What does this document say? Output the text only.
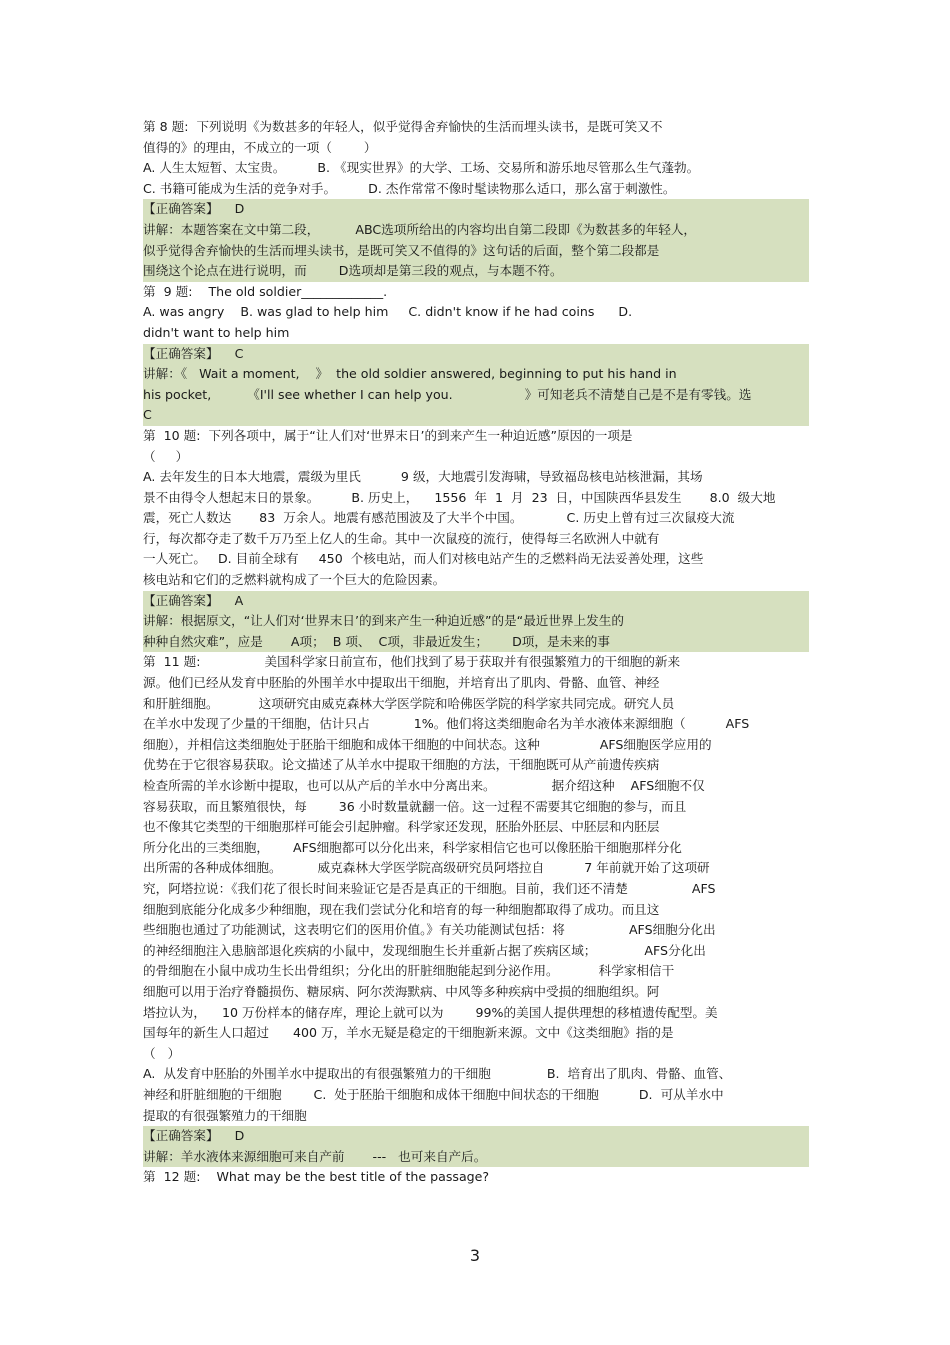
第 8 题:  下列说明《为数甚多的年轻人，似乎觉得舍弃愉快的生活而埋头读书，是既可笑又不

值得的》的理由，不成立的一项（        ）

A. 人生太短暂、太宝贵。        B. 《现实世界》的大学、工场、交易所和游乐地尽管那么生气蓬勃。

C. 书籍可能成为生活的竞争对手。        D. 杰作常常不像时髦读物那么适口，那么富于刺激性。

【正确答案】    D

讲解：本题答案在文中第二段，         ABC选项所给出的内容均出自第二段即《为数甚多的年轻人，

似乎觉得舍弃愉快的生活而埋头读书，是既可笑又不值得的》这句话的后面，整个第二段都是

围绕这个论点在进行说明，而        D选项却是第三段的观点，与本题不符。

第  9 题:    The old soldier_____________.

A. was angry    B. was glad to help him     C. didn't know if he had coins      D.

didn't want to help him

【正确答案】    C

讲解：《   Wait a moment,    》  the old soldier answered, beginning to put his hand in

his pocket,         《I'll see whether I can help you.                  》可知老兵不清楚自己是不是有零钱。选

C

第  10 题:  下列各项中，属于“让人们对‘世界末日’的到来产生一种迫近感”原因的一项是

（     ）

A. 去年发生的日本大地震，震级为里氏          9 级，大地震引发海啸，导致福岛核电站核泄漏，其场

景不由得令人想起末日的景象。        B. 历史上，    1556  年  1  月  23  日，中国陕西华县发生       8.0  级大地

震，死亡人数达       83  万余人。地震有感范围波及了大半个中国。           C. 历史上曾有过三次鼠疫大流

行，每次都夺走了数千万乃至上亿人的生命。其中一次鼠疫的流行，使得每三名欧洲人中就有

一人死亡。   D. 目前全球有     450  个核电站，而人们对核电站产生的乏燃料尚无法妥善处理，这些

核电站和它们的乏燃料就构成了一个巨大的危险因素。

【正确答案】    A

讲解：根据原文，“让人们对‘世界末日’的到来产生一种迫近感”的是“最近世界上发生的

种种自然灾难”，应是       A项；  B 项、  C项，非最近发生；      D项，是未来的事

第  11 题:                美国科学家日前宣布，他们找到了易于获取并有很强繁殖力的干细胞的新来

源。他们已经从发育中胚胎的外围羊水中提取出干细胞，并培育出了肌肉、骨骼、血管、神经

和肝脏细胞。          这项研究由威克森林大学医学院和哈佛医学院的科学家共同完成。研究人员

在羊水中发现了少量的干细胞，估计只占           1%。他们将这类细胞命名为羊水液体来源细胞（          AFS

细胞），并相信这类细胞处于胚胎干细胞和成体干细胞的中间状态。这种               AFS细胞医学应用的

优势在于它很容易获取。论文描述了从羊水中提取干细胞的方法，干细胞既可从产前遗传疾病

检查所需的羊水诊断中提取，也可以从产后的羊水中分离出来。              据介绍这种    AFS细胞不仅

容易获取，而且繁殖很快，每        36 小时数量就翻一倍。这一过程不需要其它细胞的参与，而且

也不像其它类型的干细胞那样可能会引起肿瘤。科学家还发现，胚胎外胚层、中胚层和内胚层

所分化出的三类细胞，      AFS细胞都可以分化出来，科学家相信它也可以像胚胎干细胞那样分化

出所需的各种成体细胞。         威克森林大学医学院高级研究员阿塔拉自          7 年前就开始了这项研

究，阿塔拉说：《我们花了很长时间来验证它是否是真正的干细胞。目前，我们还不清楚                AFS

细胞到底能分化成多少种细胞，现在我们尝试分化和培育的每一种细胞都取得了成功。而且这

些细胞也通过了功能测试，这表明它们的医用价值。》有关功能测试包括：将                AFS细胞分化出

的神经细胞注入患脑部退化疾病的小鼠中，发现细胞生长并重新占据了疾病区域；            AFS分化出

的骨细胞在小鼠中成功生长出骨组织；分化出的肝脏细胞能起到分泌作用。          科学家相信干

细胞可以用于治疗脊髓损伤、糖尿病、阿尔茨海默病、中风等多种疾病中受损的细胞组织。阿

塔拉认为，    10 万份样本的储存库，理论上就可以为        99%的美国人提供理想的移植遗传配型。美

国每年的新生人口超过      400 万，羊水无疑是稳定的干细胞新来源。文中《这类细胞》指的是

（   ）

A.  从发育中胚胎的外围羊水中提取出的有很强繁殖力的干细胞              B.  培育出了肌肉、骨骼、血管、

神经和肝脏细胞的干细胞        C.  处于胚胎干细胞和成体干细胞中间状态的干细胞          D.  可从羊水中

提取的有很强繁殖力的干细胞

【正确答案】    D

讲解：羊水液体来源细胞可来自产前       ---   也可来自产后。

第  12 题:    What may be the best title of the passage?

3
